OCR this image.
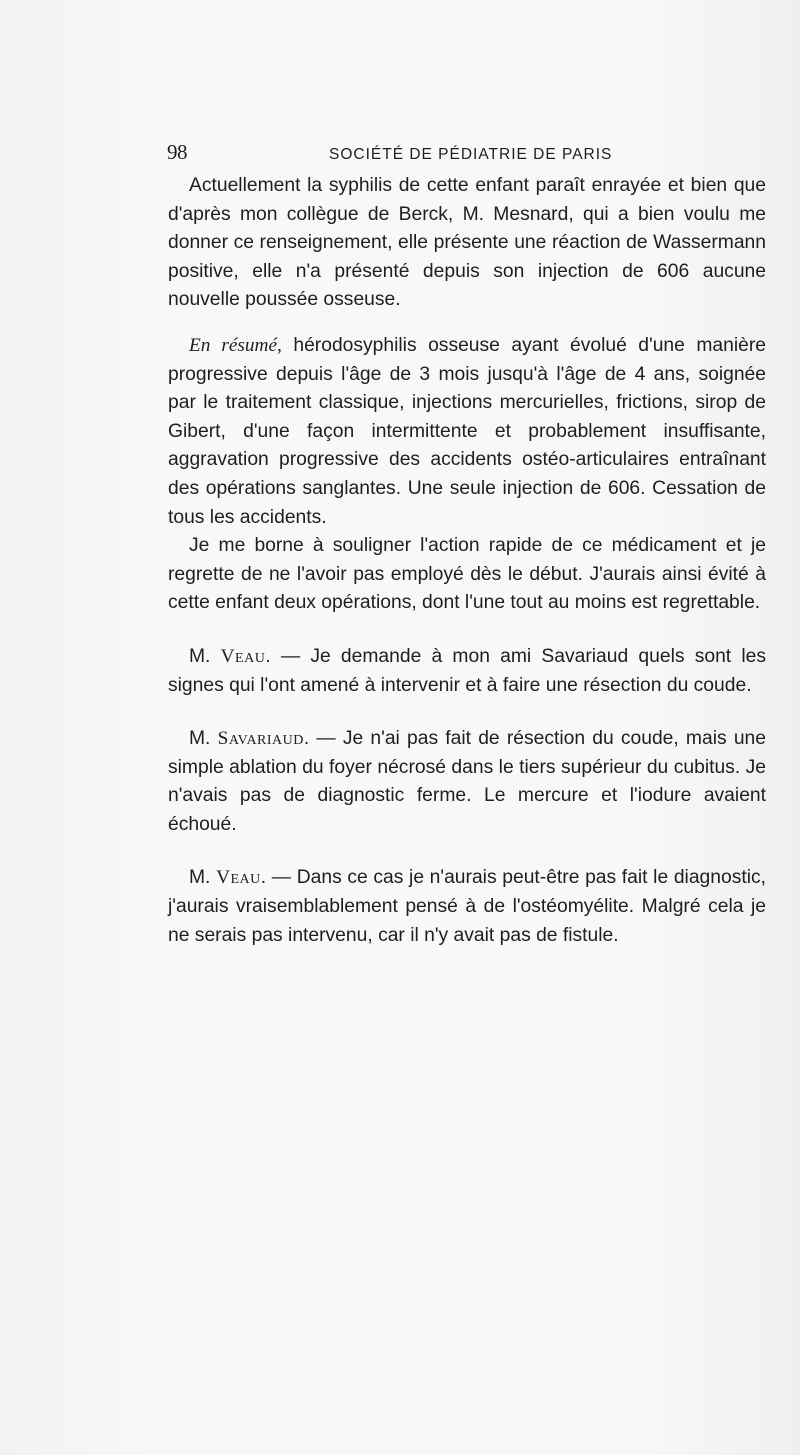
98	SOCIÉTÉ DE PÉDIATRIE DE PARIS

Actuellement la syphilis de cette enfant paraît enrayée et bien que d'après mon collègue de Berck, M. Mesnard, qui a bien voulu me donner ce renseignement, elle présente une réaction de Wassermann positive, elle n'a présenté depuis son injection de 606 aucune nouvelle poussée osseuse.

En résumé, hérodosyphilis osseuse ayant évolué d'une manière progressive depuis l'âge de 3 mois jusqu'à l'âge de 4 ans, soignée par le traitement classique, injections mercurielles, frictions, sirop de Gibert, d'une façon intermittente et probablement insuffisante, aggravation progressive des accidents ostéo-articulaires entraînant des opérations sanglantes. Une seule injection de 606. Cessation de tous les accidents.

Je me borne à souligner l'action rapide de ce médicament et je regrette de ne l'avoir pas employé dès le début. J'aurais ainsi évité à cette enfant deux opérations, dont l'une tout au moins est regrettable.

M. Veau. — Je demande à mon ami Savariaud quels sont les signes qui l'ont amené à intervenir et à faire une résection du coude.

M. Savariaud. — Je n'ai pas fait de résection du coude, mais une simple ablation du foyer nécrosé dans le tiers supérieur du cubitus. Je n'avais pas de diagnostic ferme. Le mercure et l'iodure avaient échoué.

M. Veau. — Dans ce cas je n'aurais peut-être pas fait le diagnostic, j'aurais vraisemblablement pensé à de l'ostéomyélite. Malgré cela je ne serais pas intervenu, car il n'y avait pas de fistule.
